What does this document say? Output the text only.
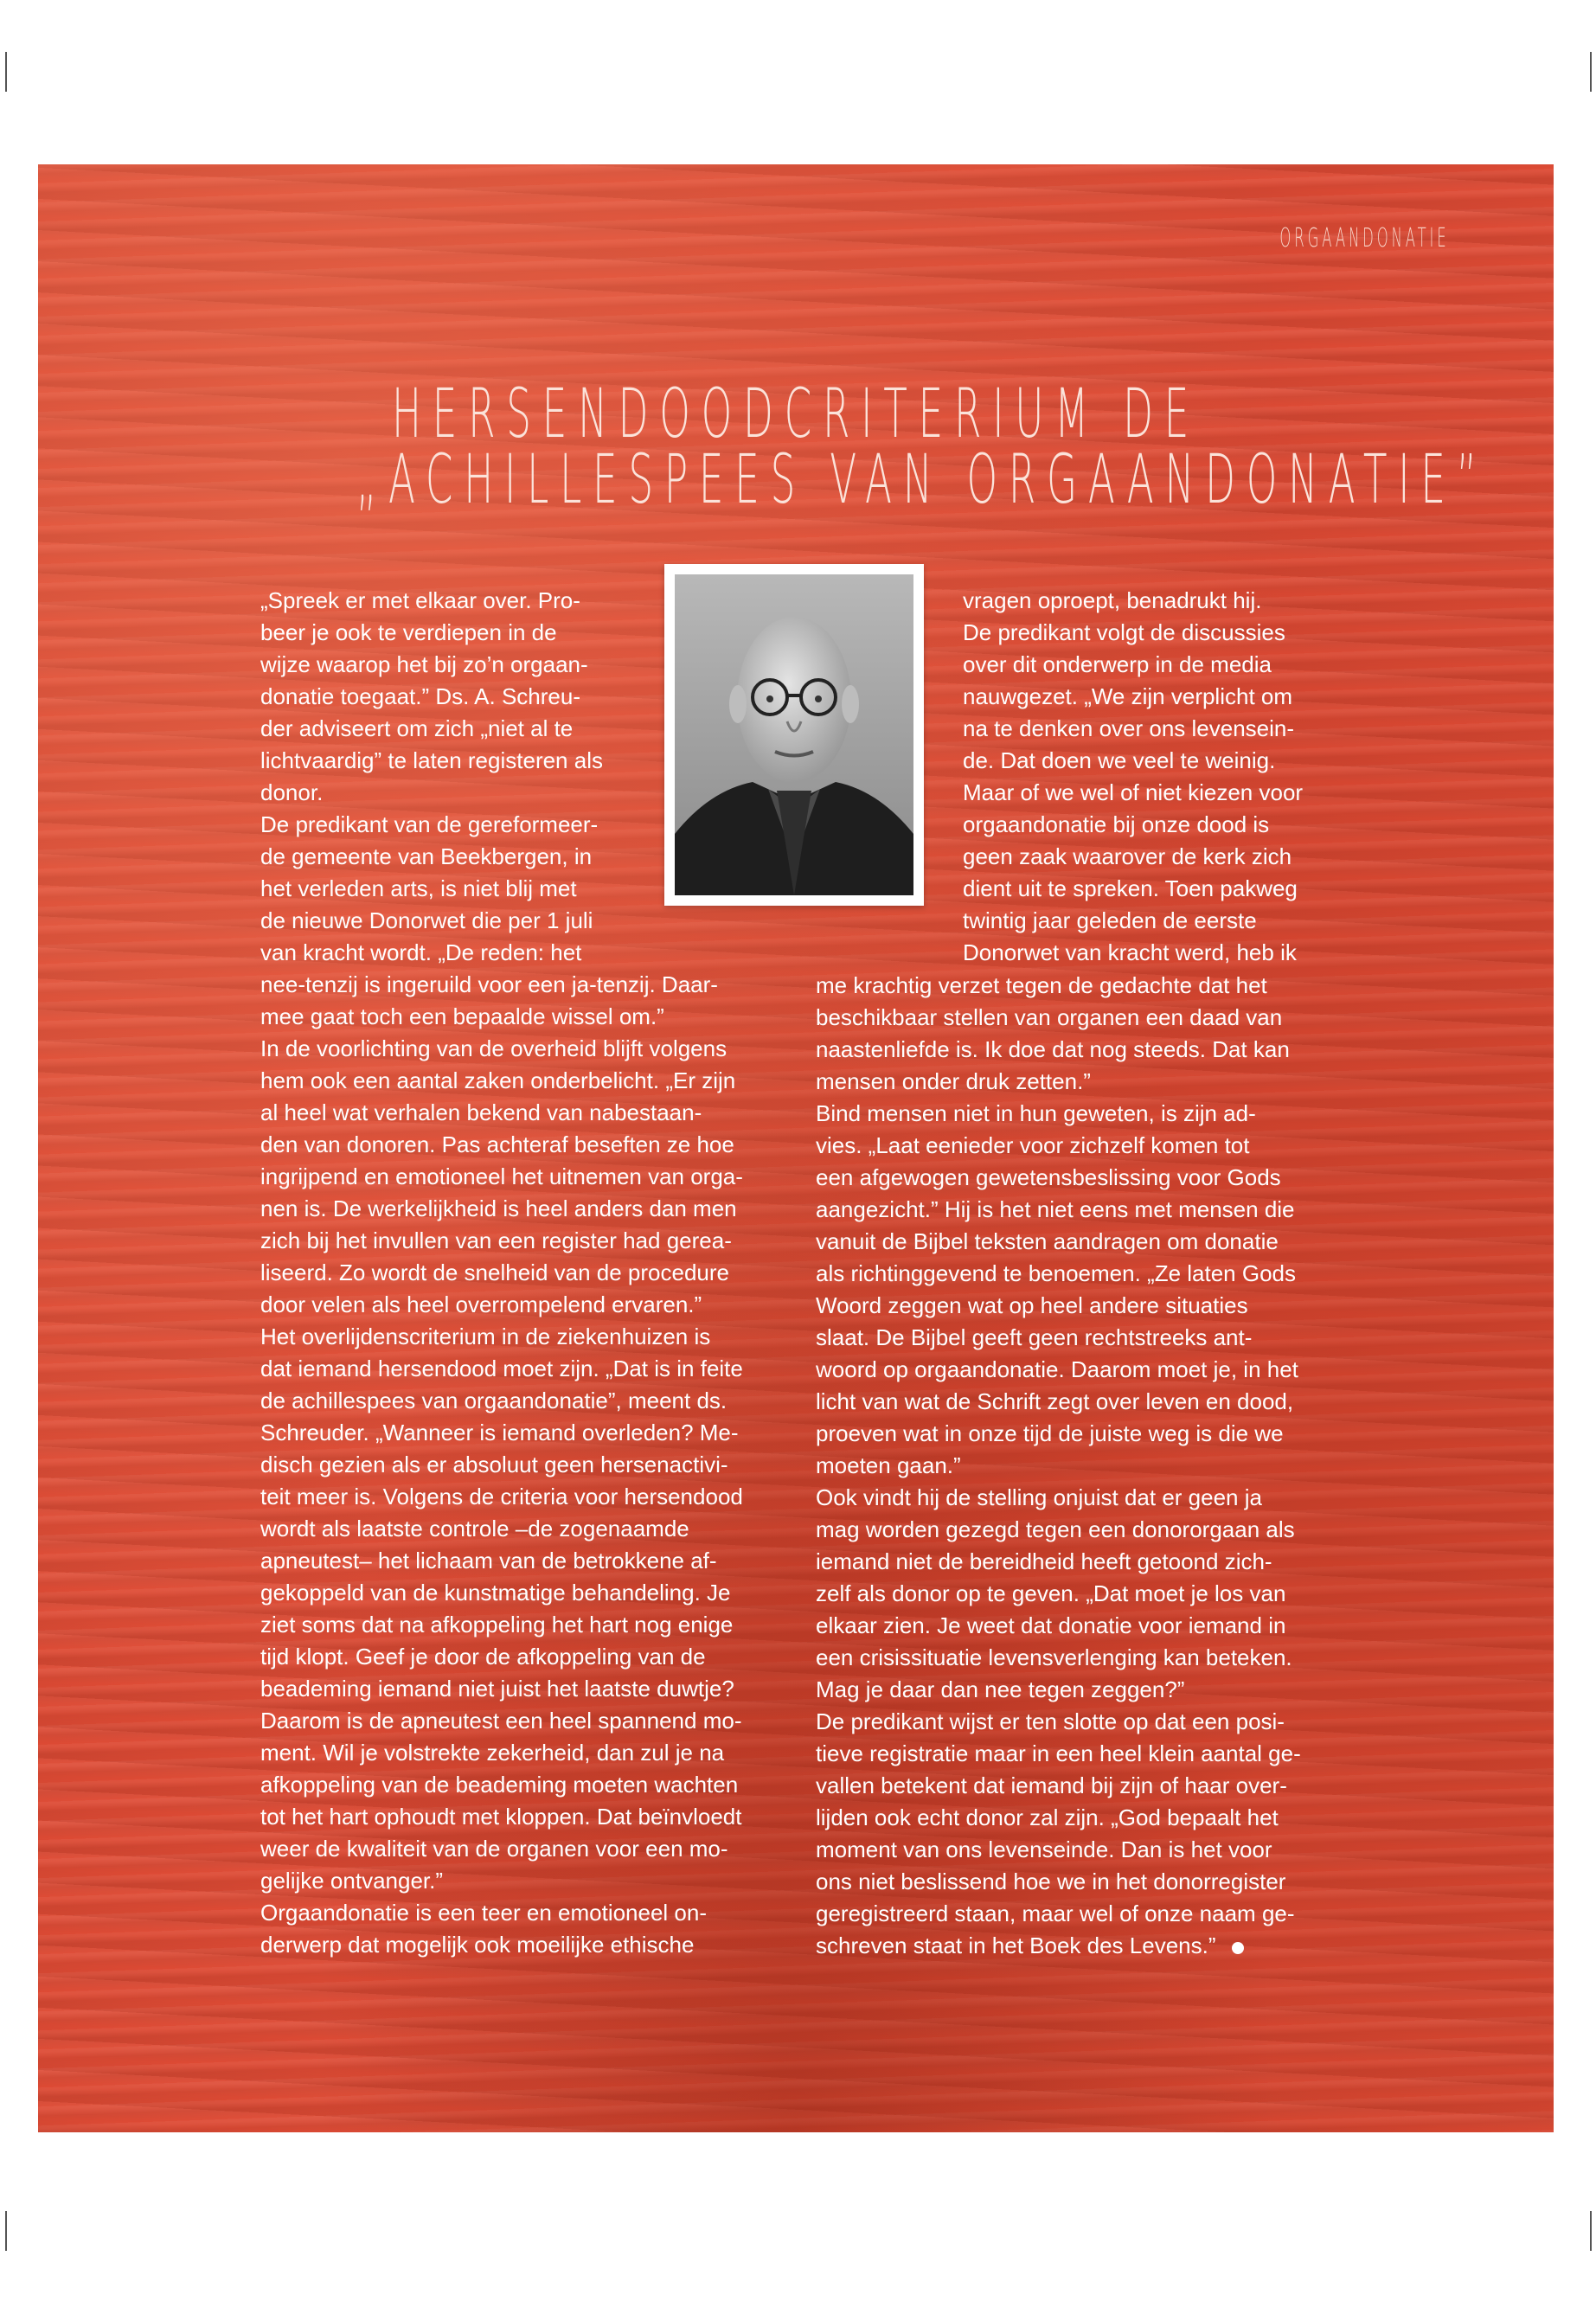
ORGAANDONATIE
HERSENDOODCRITERIUM DE
„ACHILLESPEES VAN ORGAANDONATIE”
„Spreek er met elkaar over. Pro-
beer je ook te verdiepen in de
wijze waarop het bij zo’n orgaan-
donatie toegaat.” Ds. A. Schreu-
der adviseert om zich „niet al te
lichtvaardig” te laten registeren als
donor.
De predikant van de gereformeer-
de gemeente van Beekbergen, in
het verleden arts, is niet blij met
de nieuwe Donorwet die per 1 juli
van kracht wordt. „De reden: het
nee-tenzij is ingeruild voor een ja-tenzij. Daar-
mee gaat toch een bepaalde wissel om.”
In de voorlichting van de overheid blijft volgens
hem ook een aantal zaken onderbelicht. „Er zijn
al heel wat verhalen bekend van nabestaan-
den van donoren. Pas achteraf beseften ze hoe
ingrijpend en emotioneel het uitnemen van orga-
nen is. De werkelijkheid is heel anders dan men
zich bij het invullen van een register had gerea-
liseerd. Zo wordt de snelheid van de procedure
door velen als heel overrompelend ervaren.”
Het overlijdenscriterium in de ziekenhuizen is
dat iemand hersendood moet zijn. „Dat is in feite
de achillespees van orgaandonatie”, meent ds.
Schreuder. „Wanneer is iemand overleden? Me-
disch gezien als er absoluut geen hersenactivi-
teit meer is. Volgens de criteria voor hersendood
wordt als laatste controle –de zogenaamde
apneutest– het lichaam van de betrokkene af-
gekoppeld van de kunstmatige behandeling. Je
ziet soms dat na afkoppeling het hart nog enige
tijd klopt. Geef je door de afkoppeling van de
beademing iemand niet juist het laatste duwtje?
Daarom is de apneutest een heel spannend mo-
ment. Wil je volstrekte zekerheid, dan zul je na
afkoppeling van de beademing moeten wachten
tot het hart ophoudt met kloppen. Dat beïnvloedt
weer de kwaliteit van de organen voor een mo-
gelijke ontvanger.”
Orgaandonatie is een teer en emotioneel on-
derwerp dat mogelijk ook moeilijke ethische
vragen oproept, benadrukt hij.
De predikant volgt de discussies
over dit onderwerp in de media
nauwgezet. „We zijn verplicht om
na te denken over ons levensein-
de. Dat doen we veel te weinig.
Maar of we wel of niet kiezen voor
orgaandonatie bij onze dood is
geen zaak waarover de kerk zich
dient uit te spreken. Toen pakweg
twintig jaar geleden de eerste
Donorwet van kracht werd, heb ik
me krachtig verzet tegen de gedachte dat het
beschikbaar stellen van organen een daad van
naastenliefde is. Ik doe dat nog steeds. Dat kan
mensen onder druk zetten.”
Bind mensen niet in hun geweten, is zijn ad-
vies. „Laat eenieder voor zichzelf komen tot
een afgewogen gewetensbeslissing voor Gods
aangezicht.” Hij is het niet eens met mensen die
vanuit de Bijbel teksten aandragen om donatie
als richtinggevend te benoemen. „Ze laten Gods
Woord zeggen wat op heel andere situaties
slaat. De Bijbel geeft geen rechtstreeks ant-
woord op orgaandonatie. Daarom moet je, in het
licht van wat de Schrift zegt over leven en dood,
proeven wat in onze tijd de juiste weg is die we
moeten gaan.”
Ook vindt hij de stelling onjuist dat er geen ja
mag worden gezegd tegen een donororgaan als
iemand niet de bereidheid heeft getoond zich-
zelf als donor op te geven. „Dat moet je los van
elkaar zien. Je weet dat donatie voor iemand in
een crisissituatie levensverlenging kan beteken.
Mag je daar dan nee tegen zeggen?”
De predikant wijst er ten slotte op dat een posi-
tieve registratie maar in een heel klein aantal ge-
vallen betekent dat iemand bij zijn of haar over-
lijden ook echt donor zal zijn. „God bepaalt het
moment van ons levenseinde. Dan is het voor
ons niet beslissend hoe we in het donorregister
geregistreerd staan, maar wel of onze naam ge-
schreven staat in het Boek des Levens.”
